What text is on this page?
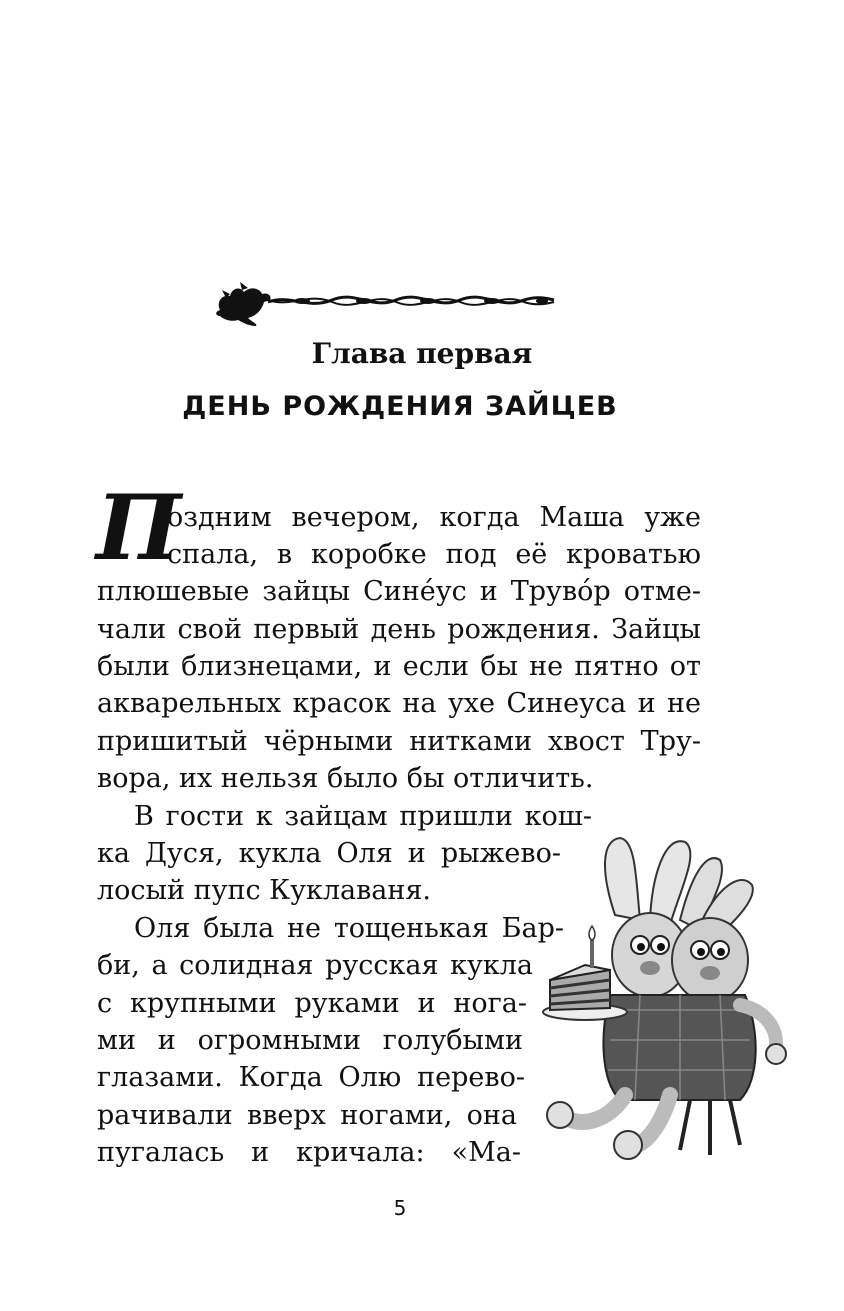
Глава первая
ДЕНЬ РОЖДЕНИЯ ЗАЙЦЕВ
П
оздним вечером, когда Маша уже
спала, в коробке под её кроватью
плюшевые зайцы Сине́ус и Труво́р отме-
чали свой первый день рождения. Зайцы
были близнецами, и если бы не пятно от
акварельных красок на ухе Синеуса и не
пришитый чёрными нитками хвост Тру-
вора, их нельзя было бы отличить.
В гости к зайцам пришли кош-
ка Дуся, кукла Оля и рыжево-
лосый пупс Куклаваня.
Оля была не тощенькая Бар-
би, а солидная русская кукла
с крупными руками и нога-
ми и огромными голубыми
глазами. Когда Олю перево-
рачивали вверх ногами, она
пугалась и кричала: «Ма-
5
